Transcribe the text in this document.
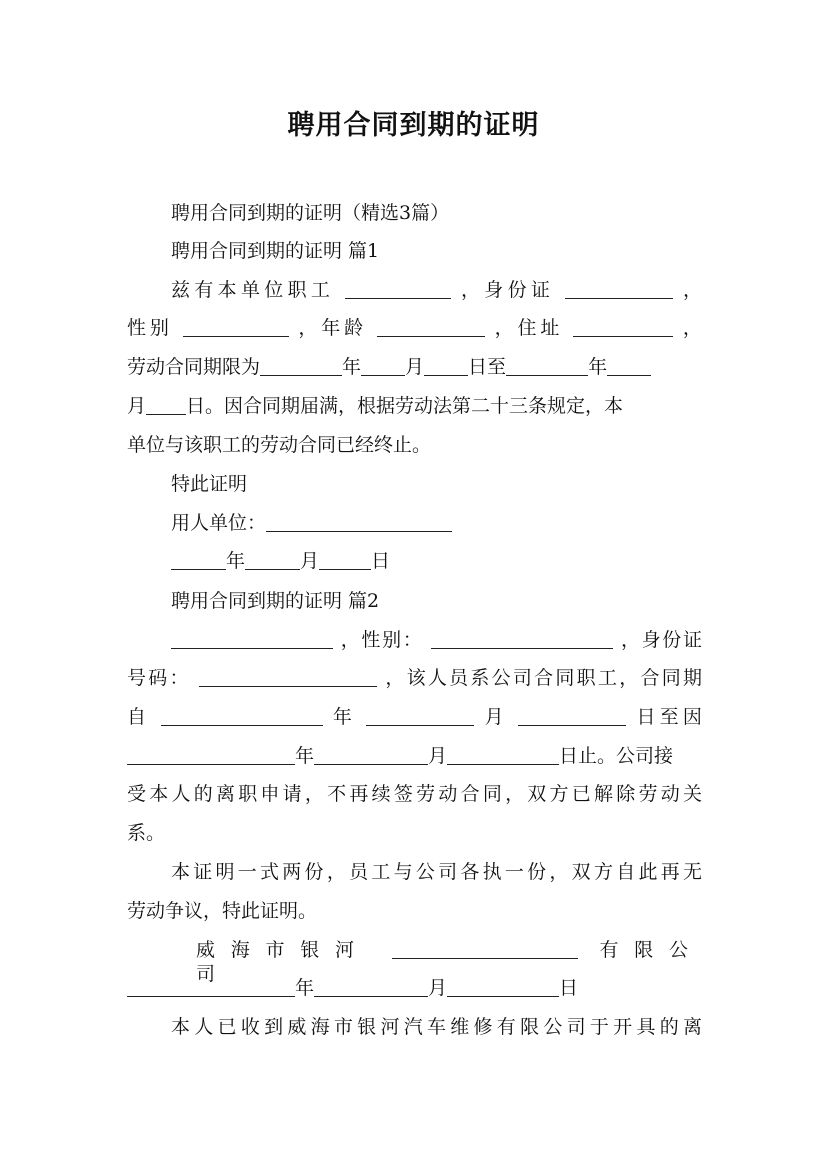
聘用合同到期的证明
聘用合同到期的证明（精选3篇）
聘用合同到期的证明 篇1
兹有本单位职工	，身份证	，
性别	，年龄	，住址	，
劳动合同期限为	年 月 日至	年
月 日。因合同期届满，根据劳动法第二十三条规定，本
单位与该职工的劳动合同已经终止。
特此证明
用人单位：
年	月	日
聘用合同到期的证明 篇2
，性别：	，身份证
号码：	，该人员系公司合同职工，合同期
自	年	月	日至因
年	月	日止。公司接
受本人的离职申请，不再续签劳动合同，双方已解除劳动关
系。
本证明一式两份，员工与公司各执一份，双方自此再无
劳动争议，特此证明。
威海市银河	有限公司
年	月	日
本人已收到威海市银河汽车维修有限公司于开具的离
